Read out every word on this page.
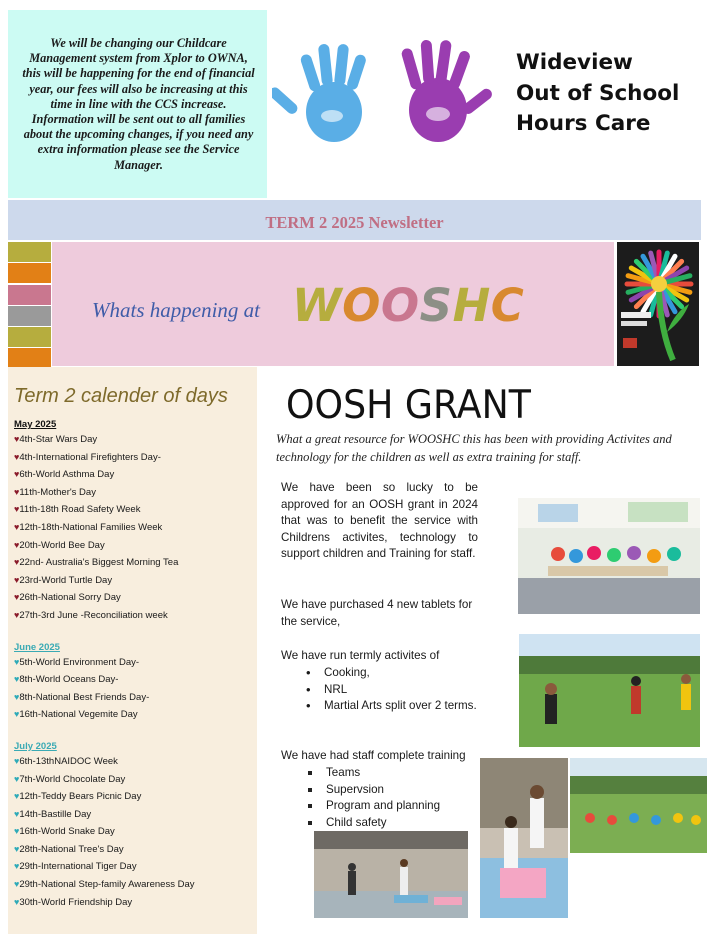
We will be changing our Childcare Management system from Xplor to OWNA, this will be happening for the end of financial year, our fees will also be increasing at this time in line with the CCS increase. Information will be sent out to all families about the upcoming changes, if you need any extra information please see the Service Manager.

Wideview
Out of School
Hours Care
TERM 2 2025 Newsletter
Whats happening at WOOSHC
Term 2 calender of days
May 2025
♥4th-Star Wars Day
♥4th-International Firefighters Day-
♥6th-World Asthma Day
♥11th-Mother's Day
♥11th-18th Road Safety Week
♥12th-18th-National Families Week
♥20th-World Bee Day
♥22nd- Australia's Biggest Morning Tea
♥23rd-World Turtle Day
♥26th-National Sorry Day
♥27th-3rd June -Reconciliation week
June 2025
♥5th-World Environment Day-
♥8th-World Oceans Day-
♥8th-National Best Friends Day-
♥16th-National Vegemite Day
July 2025
♥6th-13thNAIDOC Week
♥7th-World Chocolate Day
♥12th-Teddy Bears Picnic Day
♥14th-Bastille Day
♥16th-World Snake Day
♥28th-National Tree's Day
♥29th-International Tiger Day
♥29th-National Step-family Awareness Day
♥30th-World Friendship Day
OOSH GRANT
What a great resource for WOOSHC this has been with providing Activites and technology for the children as well as extra training for staff.
We have been so lucky to be approved for an OOSH grant in 2024 that was to benefit the service with Childrens activites, technology to support children and Training for staff.
We have purchased 4 new tablets for the service,
We have run termly activites of
• Cooking,
• NRL
• Martial Arts split over 2 terms.
We have had staff complete training
Teams
Supervsion
Program and planning
Child safety
